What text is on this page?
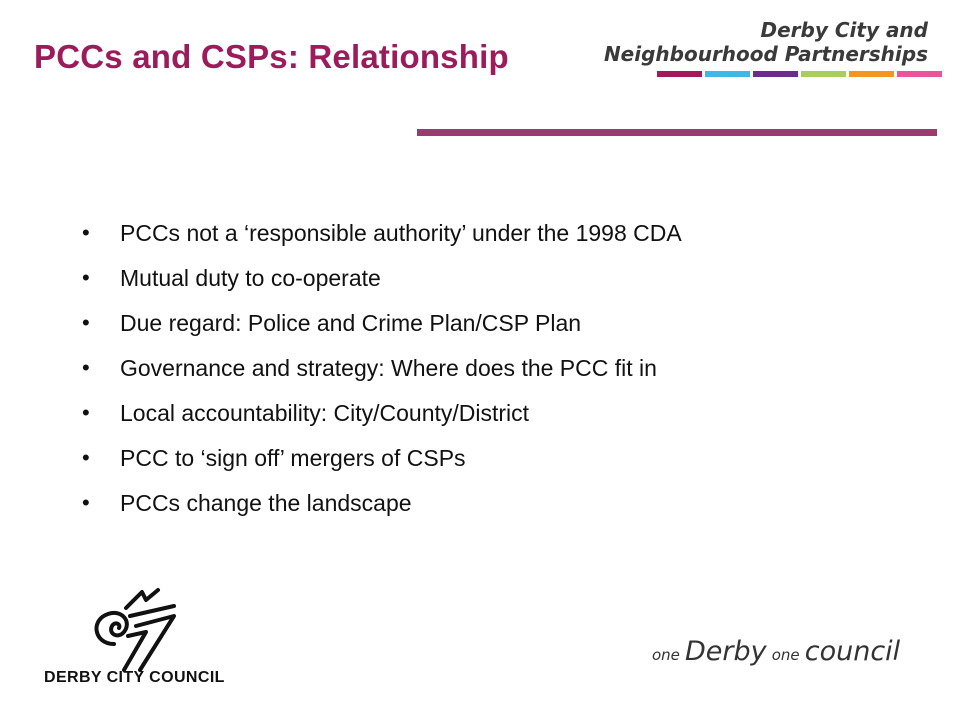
PCCs and CSPs: Relationship
Derby City and
Neighbourhood Partnerships
• PCCs not a ‘responsible authority’ under the 1998 CDA
• Mutual duty to co-operate
• Due regard: Police and Crime Plan/CSP Plan
• Governance and strategy: Where does the PCC fit in
• Local accountability: City/County/District
• PCC to ‘sign off’ mergers of CSPs
• PCCs change the landscape
DERBY CITY COUNCIL
one Derby one council
